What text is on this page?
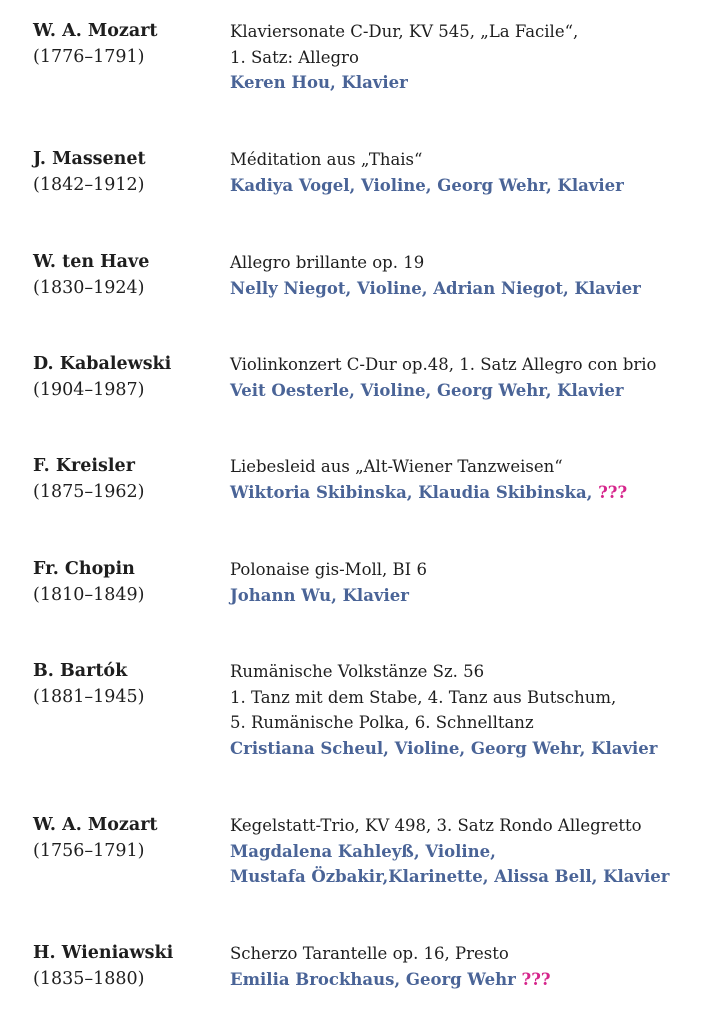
W. A. Mozart
(1776–1791)
Klaviersonate C-Dur, KV 545, „La Facile“,
1. Satz: Allegro
Keren Hou, Klavier
J. Massenet
(1842–1912)
Méditation aus „Thais“
Kadiya Vogel, Violine, Georg Wehr, Klavier
W. ten Have
(1830–1924)
Allegro brillante op. 19
Nelly Niegot, Violine, Adrian Niegot, Klavier
D. Kabalewski
(1904–1987)
Violinkonzert C-Dur op.48, 1. Satz Allegro con brio
Veit Oesterle, Violine, Georg Wehr, Klavier
F. Kreisler
(1875–1962)
Liebesleid aus „Alt-Wiener Tanzweisen“
Wiktoria Skibinska, Klaudia Skibinska, ???
Fr. Chopin
(1810–1849)
Polonaise gis-Moll, BI 6
Johann Wu, Klavier
B. Bartók
(1881–1945)
Rumänische Volkstänze Sz. 56
1. Tanz mit dem Stabe, 4. Tanz aus Butschum,
5. Rumänische Polka, 6. Schnelltanz
Cristiana Scheul, Violine, Georg Wehr, Klavier
W. A. Mozart
(1756–1791)
Kegelstatt-Trio, KV 498, 3. Satz Rondo Allegretto
Magdalena Kahleyß, Violine,
Mustafa Özbakir,Klarinette, Alissa Bell, Klavier
H. Wieniawski
(1835–1880)
Scherzo Tarantelle op. 16, Presto
Emilia Brockhaus, Georg Wehr ???
